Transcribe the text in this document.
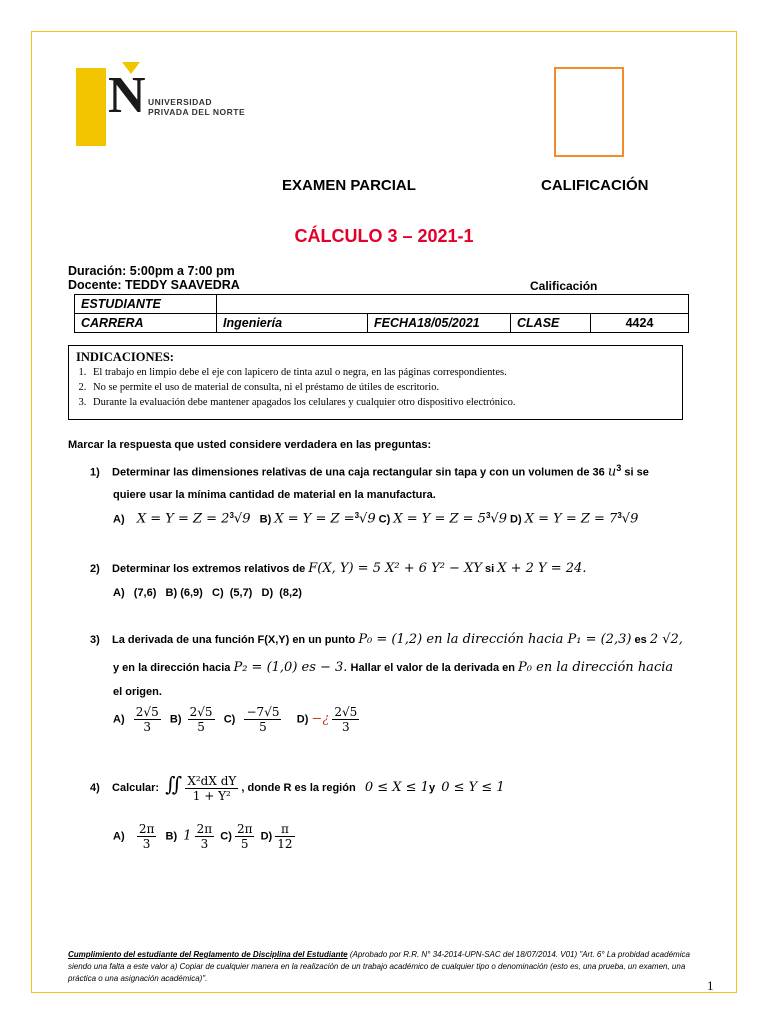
N UNIVERSIDAD
PRIVADA DEL NORTE
EXAMEN PARCIAL	CALIFICACIÓN
CÁLCULO 3 – 2021-1
Duración: 5:00pm a 7:00 pm
Docente: TEDDY SAAVEDRA	Calificación
ESTUDIANTE				
CARRERA	Ingeniería	FECHA18/05/2021	CLASE	4424
INDICACIONES:
1. El trabajo en limpio debe el eje con lapicero de tinta azul o negra, en las páginas correspondientes.
2. No se permite el uso de material de consulta, ni el préstamo de útiles de escritorio.
3. Durante la evaluación debe mantener apagados los celulares y cualquier otro dispositivo electrónico.
Marcar la respuesta que usted considere verdadera en las preguntas:
1) Determinar las dimensiones relativas de una caja rectangular sin tapa y con un volumen de 36 $u^3$ si se
quiere usar la mínima cantidad de material en la manufactura.
A) $X = Y = Z = 2^3√9$ B) X = Y = Z =$^3$√9 C) $X = Y = Z = 5^3√9$ D) $X = Y = Z = 7^3√9$
2) Determinar los extremos relativos de F(X, Y) = 5 X² + 6 Y² − XY si X + 2 Y = 24.
A)   (7,6)   B) (6,9)   C)  (5,7)   D)  (8,2)
3) La derivada de una función F(X,Y) en un punto P₀ = (1,2) en la dirección hacia P₁ = (2,3) es 2 √2,
y en la dirección hacia P₂ = (1,0) es − 3. Hallar el valor de la derivada en P₀ en la dirección hacia
el origen.
$A) \frac{2√5}{3} B) \frac{2√5}{5} C) \frac{-7√5}{5} D$) −¿ $\frac{2√5}{3}$
4) Calcular: ∬ $\frac{\text{X²dX dY}}{\text{1 + Y²}}$ , donde R es la región 0 ≤ X ≤ 1y 0 ≤ Y ≤ 1
$A) \frac{2\pi}{3} B$) $1 \frac{2\pi}{3} C) \frac{2\pi}{5} D) \frac{\pi}{12}$
Cumplimiento del estudiante del Reglamento de Disciplina del Estudiante (Aprobado por R.R. N° 34-2014-UPN-SAC del 18/07/2014. V01) "Art. 6° La probidad académica siendo una falta a este valor a) Copiar de cualquier manera en la realización de un trabajo académico de cualquier tipo o denominación (esto es, una prueba, un examen, una práctica o una asignación académica)".	1
